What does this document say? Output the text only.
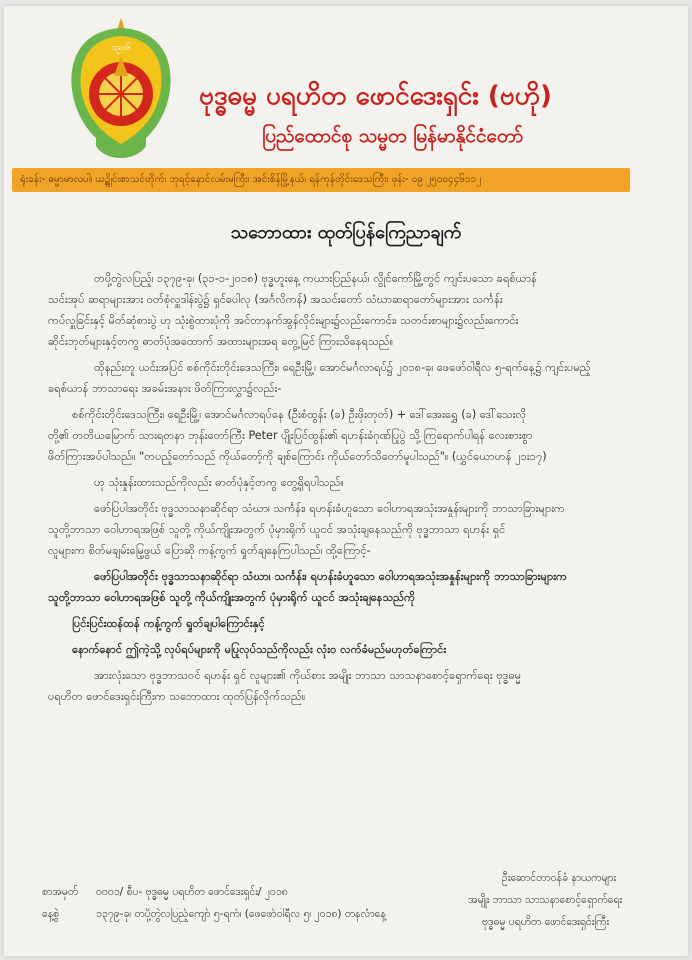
၁၉၀၆
ဗုဒ္ဓဓမ္မ ပရဟိတ ဖောင်ဒေးရှင်း (ဗဟို)
ပြည်ထောင်စု သမ္မတ မြန်မာနိုင်ငံတော်
ရုံးခန်း- ဓမ္မာမာလပါ၊ ယဉ္ဆိုင်းစာသင်တိုက်၊ ဘုရင့်နောင်လမ်းမကြီး၊ အင်းစိန်မြို့နယ်၊ ရန်ကုန်တိုင်းဒေသကြီး၊ ဖုန်း- ၀၉ ၂၅၀၀၄၄၆၁၁၂
သဘောထား ထုတ်ပြန်ကြေညာချက်
တပို့တွဲလပြည့်၊ ၁၃၇၉-ခု၊ (၃၁-၁-၂၀၁၈) ဗုဒ္ဓဟူးနေ့ ကယားပြည်နယ်၊ လွိုင်ကော်မြို့တွင် ကျင်းပသော ခရစ်ယာန်
သင်းအုပ် ဆရာများအား ဝတ်စုံလှူဒါန်းပွဲ၌ ရှင်ပေါလု (အင်္ဂလိကန်) အသင်းတော် သံဃာဆရာတော်များအား သင်္ကန်း
ကပ်လှူခြင်းနှင့် မိတ်ဆုံစားပွဲ ဟု သုံးစွဲထားပုံကို အင်တာနက်အွန်လိုင်းများ၌လည်းကောင်း၊ သတင်းစာများ၌လည်းကောင်း
ဆိုင်းဘုတ်များနှင့်တကွ ဓာတ်ပုံအထောက် အထားများအရ တွေ့မြင် ကြားသိနေရသည်။
ထိုနည်းတူ ယင်းအပြင် စစ်ကိုင်းတိုင်းဒေသကြီး၊ ရေဦးမြို့၊ အောင်မင်္ဂလာရပ်၌ ၂၀၁၈-ခု၊ ဖေဖော်ဝါရီလ ၅-ရက်နေ့၌ ကျင်းပမည့်
ခရစ်ယာန် ဘာသာရေး အခမ်းအနား ဖိတ်ကြားလွှာ၌လည်း-
စစ်ကိုင်းတိုင်းဒေသကြီး၊ ရေဦးမြို့၊ အောင်မင်္ဂလာရပ်နေ (ဦးစံထွန်း (ခ) ဦးဖိုးတုတ်) + ဒေါ်အေးရွှေ (ခ) ဒေါ်သေးလို
တို့၏ တတိယမြောက် သားရတနာ ဘုန်းတော်ကြီး Peter ပျိုးပြင်ထွန်း၏ ရဟန်းခံဂုဏ်ပြုပွဲ သို့ ကြရောက်ပါရန် လေးစားစွာ
ဖိတ်ကြားအပ်ပါသည်။ "တပည့်တော်သည် ကိုယ်တော့်ကို ချစ်ကြောင်း ကိုယ်တော်သိတော်မူပါသည်"။ (ယွှင်ယောဟန် ၂၁း၁၇)
ဟု သုံးနှုန်းထားသည်ကိုလည်း ဓာတ်ပုံနှင့်တကွ တွေ့ရှိရပါသည်။
ဖော်ပြပါအတိုင်း ဗုဒ္ဓသာသနာဆိုင်ရာ သံဃာ၊ သင်္ကန်း၊ ရဟန်းခံဟူသော ဝေါဟာရအသုံးအနှုန်းများကို ဘာသာခြားများက
သူတို့ဘာသာ ဝေါဟာရအဖြစ် သူတို့ ကိုယ်ကျိုးအတွက် ပုံမှားရိုက် ယူငင် အသုံးချနေသည်ကို ဗုဒ္ဓဘာသာ ရဟန်း ရှင်
လူများက စိတ်မချမ်းမြေ့ဖွယ် ပြောဆို ကန့်ကွက် ရှုတ်ချနေကြပါသည်၊ ထို့ကြောင့်-
ဖော်ပြပါအတိုင်း ဗုဒ္ဓသာသနာဆိုင်ရာ သံဃာ၊ သင်္ကန်း၊ ရဟန်းခံဟူသော ဝေါဟာရအသုံးအနှုန်းများကို ဘာသာခြားများက
သူတို့ဘာသာ ဝေါဟာရအဖြစ် သူတို့ ကိုယ်ကျိုးအတွက် ပုံမှားရိုက် ယူငင် အသုံးချနေသည်ကို
ပြင်းပြင်းထန်ထန် ကန့်ကွက် ရှုတ်ချပါကြောင်းနှင့်
နောက်နောင် ဤကဲ့သို့ လုပ်ရပ်များကို မပြုလုပ်သည်ကိုလည်း လုံးဝ လက်ခံမည်မဟုတ်ကြောင်း
အားလုံးသော ဗုဒ္ဓဘာသဝင် ရဟန်း ရှင် လူများ၏ ကိုယ်စား အမျိုး ဘာသာ သာသနာစောင့်ရှောက်ရေး ဗုဒ္ဓဓမ္မ
ပရဟိတ ဖောင်ဒေးရှင်းကြီးက သဘောထား ထုတ်ပြန်လိုက်သည်။
စာအမှတ် ၀၀၀၁/ စီပ- ဗုဒ္ဓဓမ္မ ပရဟိတ ဖောင်ဒေးရှင်း/ ၂၀၁၈
နေ့စွဲ	၁၃၇၉-ခု၊ တပို့တွဲလပြည့်ကျော် ၅-ရက်၊ (ဖေဖော်ဝါရီလ ၅၊ ၂၀၁၈) တနင်္လာနေ့
ဦးဆောင်တာဝန်ခံ နာယကများ
အမျိုး ဘာသာ သာသနာစောင့်ရှောက်ရေး
ဗုဒ္ဓဓမ္မ ပရဟိတ ဖောင်ဒေးရှင်းကြီး
